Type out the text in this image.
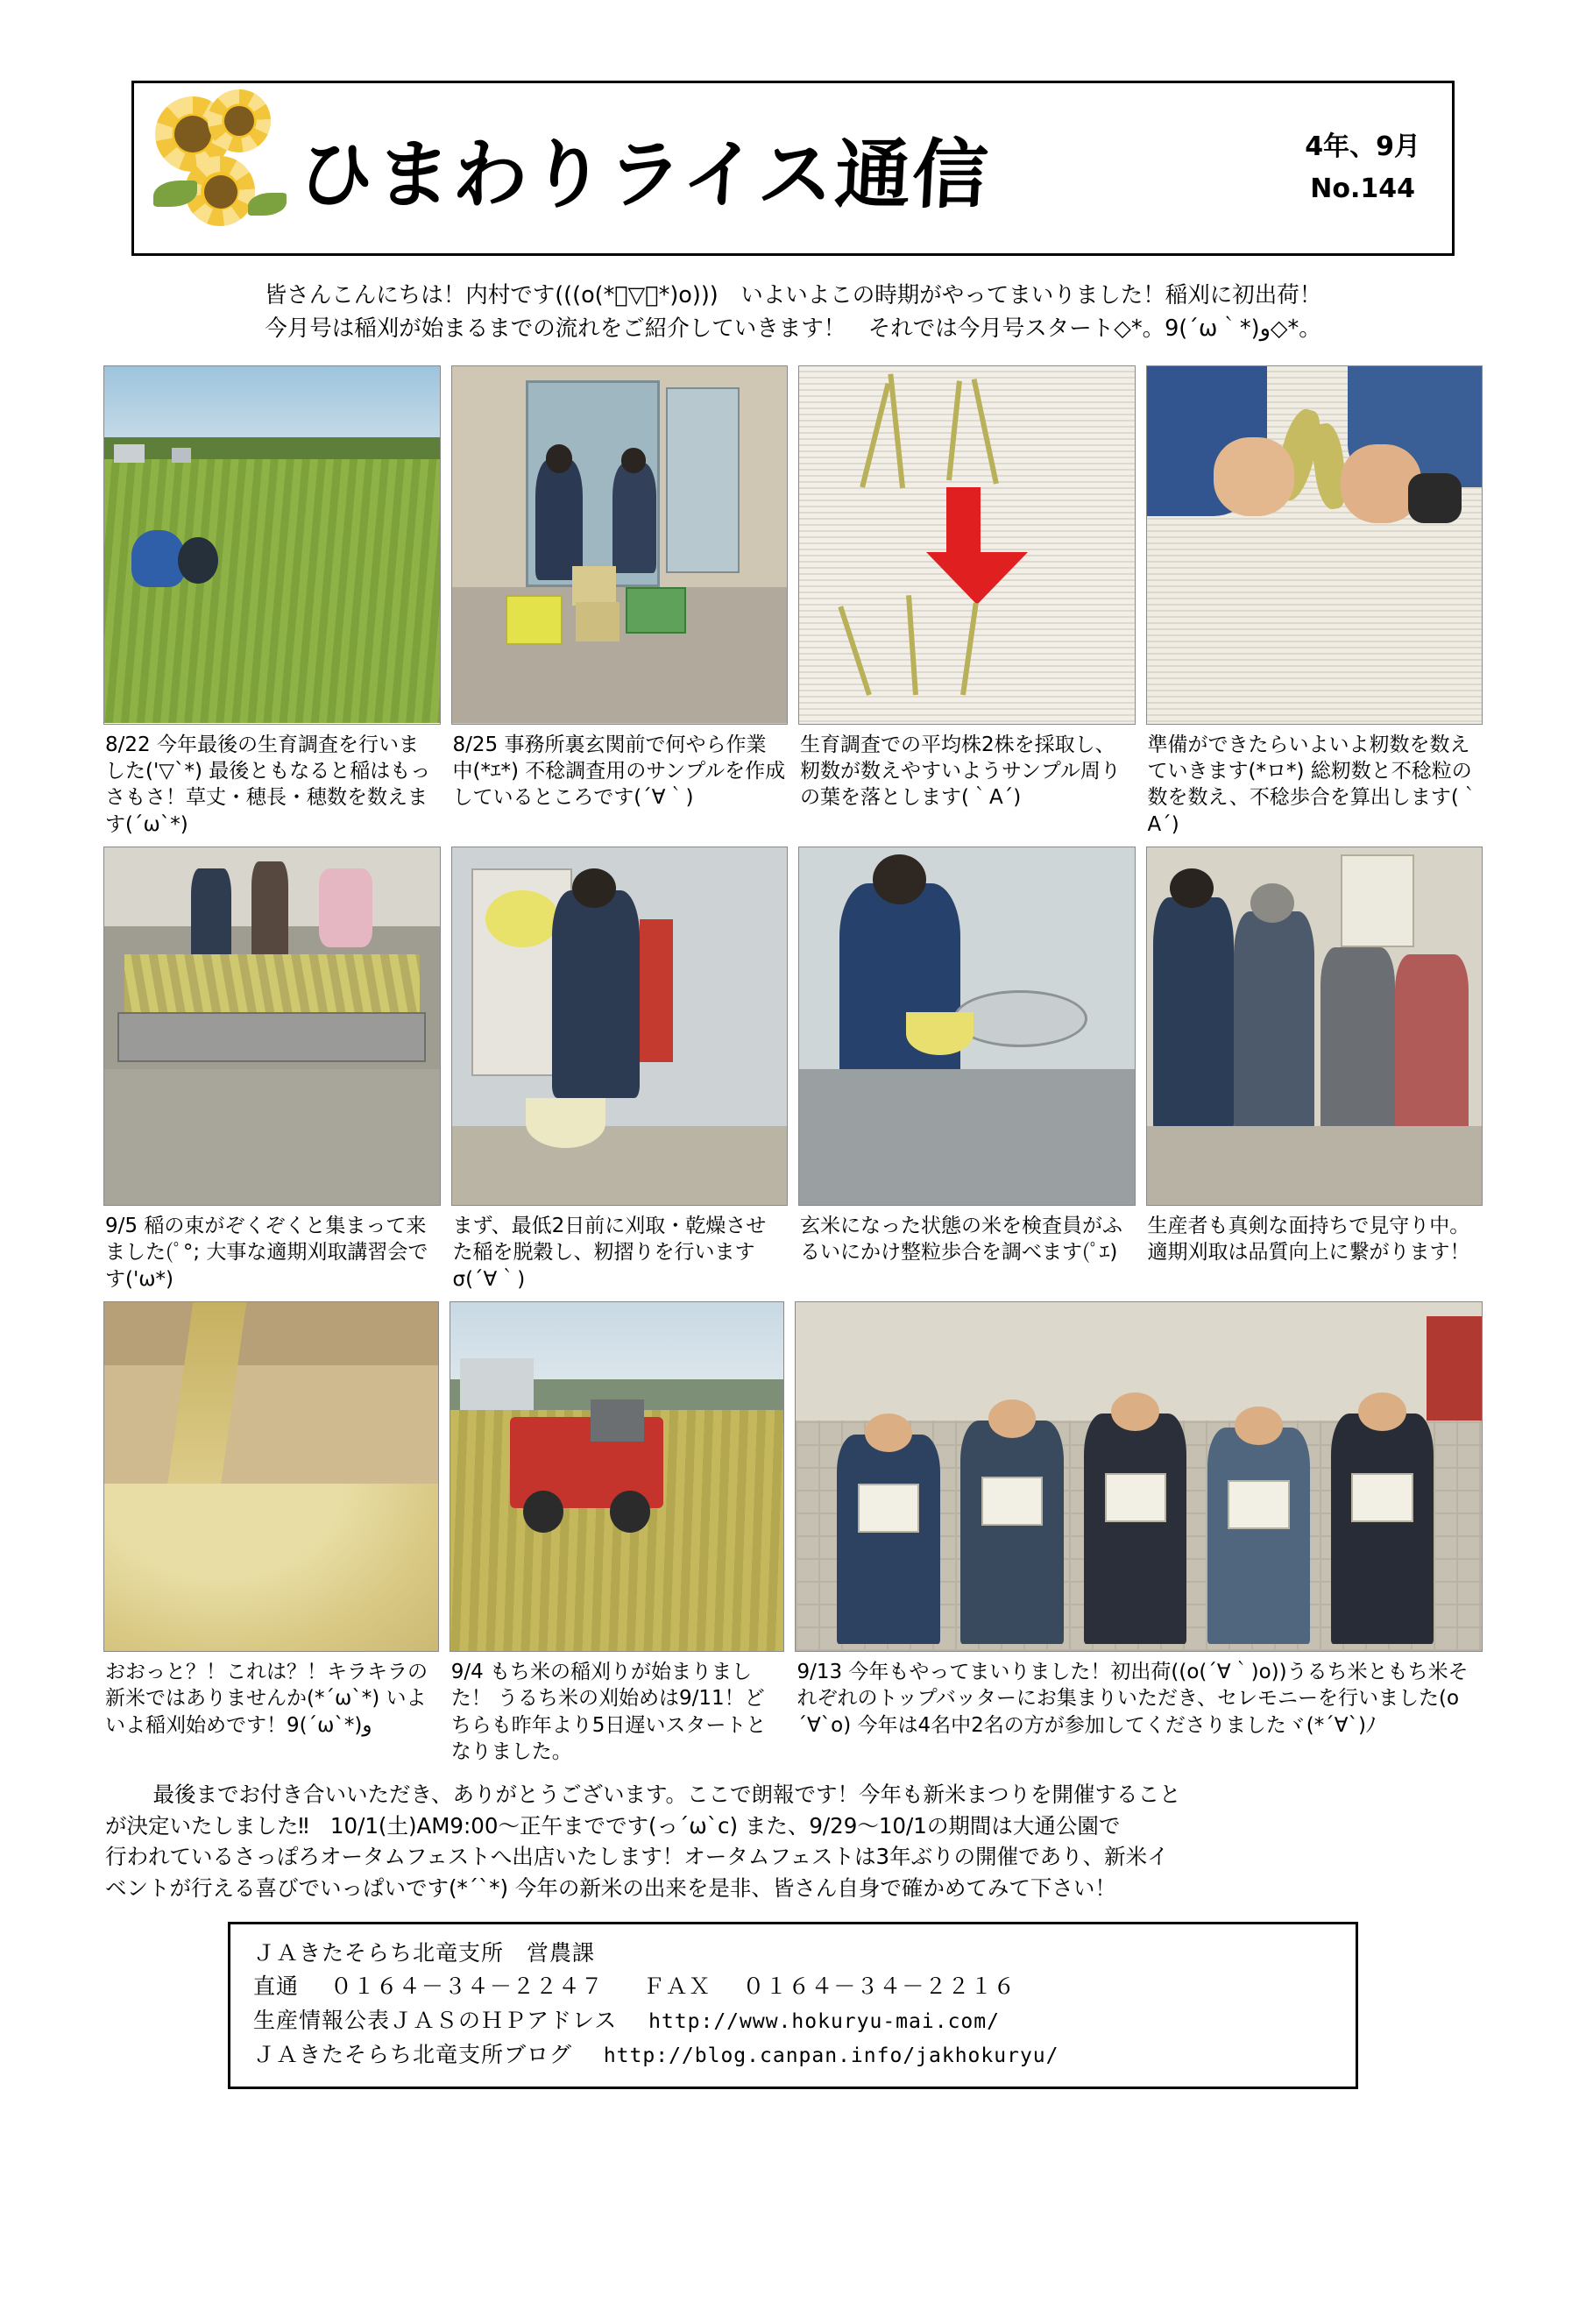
ひまわりライス通信	4年、9月
No.144
皆さんこんにちは！内村です(((o(*゚▽゚*)o)))　いよいよこの時期がやってまいりました！稲刈に初出荷！
今月号は稲刈が始まるまでの流れをご紹介していきます！　それでは今月号スタート◇*。9(´ω｀*)و◇*。
8/22 今年最後の生育調査を行いました('▽`*) 最後ともなると稲はもっさもさ！草丈・穂長・穂数を数えます(´ω`*)
8/25 事務所裏玄関前で何やら作業中(*ｴ*) 不稔調査用のサンプルを作成しているところです(´∀｀)
生育調査での平均株2株を採取し、籾数が数えやすいようサンプル周りの葉を落とします(｀A´)
準備ができたらいよいよ籾数を数えていきます(*ロ*) 総籾数と不稔粒の数を数え、不稔歩合を算出します(｀A´)
9/5 稲の束がぞくぞくと集まって来ました(ﾟ°; 大事な適期刈取講習会です('ω*)
まず、最低2日前に刈取・乾燥させた稲を脱穀し、籾摺りを行います σ(´∀｀)
玄米になった状態の米を検査員がふるいにかけ整粒歩合を調べます(ﾟｴ)
生産者も真剣な面持ちで見守り中。適期刈取は品質向上に繋がります！
おおっと？！これは？！キラキラの新米ではありませんか(*´ω`*) いよいよ稲刈始めです！9(´ω`*)و
9/4 もち米の稲刈りが始まりました！ うるち米の刈始めは9/11！どちらも昨年より5日遅いスタートとなりました。
9/13 今年もやってまいりました！初出荷((o(´∀｀)o))うるち米ともち米それぞれのトップバッターにお集まりいただき、セレモニーを行いました(o´∀`o) 今年は4名中2名の方が参加してくださりましたヾ(*´∀`)ﾉ
　最後までお付き合いいただき、ありがとうございます。ここで朗報です！今年も新米まつりを開催すること
が決定いたしました‼　10/1(土)AM9:00〜正午までです(っ´ω`c) また、9/29〜10/1の期間は大通公園で
行われているさっぽろオータムフェストへ出店いたします！オータムフェストは3年ぶりの開催であり、新米イ
ベントが行える喜びでいっぱいです(*´`*) 今年の新米の出来を是非、皆さん自身で確かめてみて下さい！
ＪＡきたそらち北竜支所　営農課
直通 ０１６４－３４－２２４７ ＦＡＸ ０１６４－３４－２２１６
生産情報公表ＪＡＳのＨＰアドレス http://www.hokuryu-mai.com/
ＪＡきたそらち北竜支所ブログ http://blog.canpan.info/jakhokuryu/
